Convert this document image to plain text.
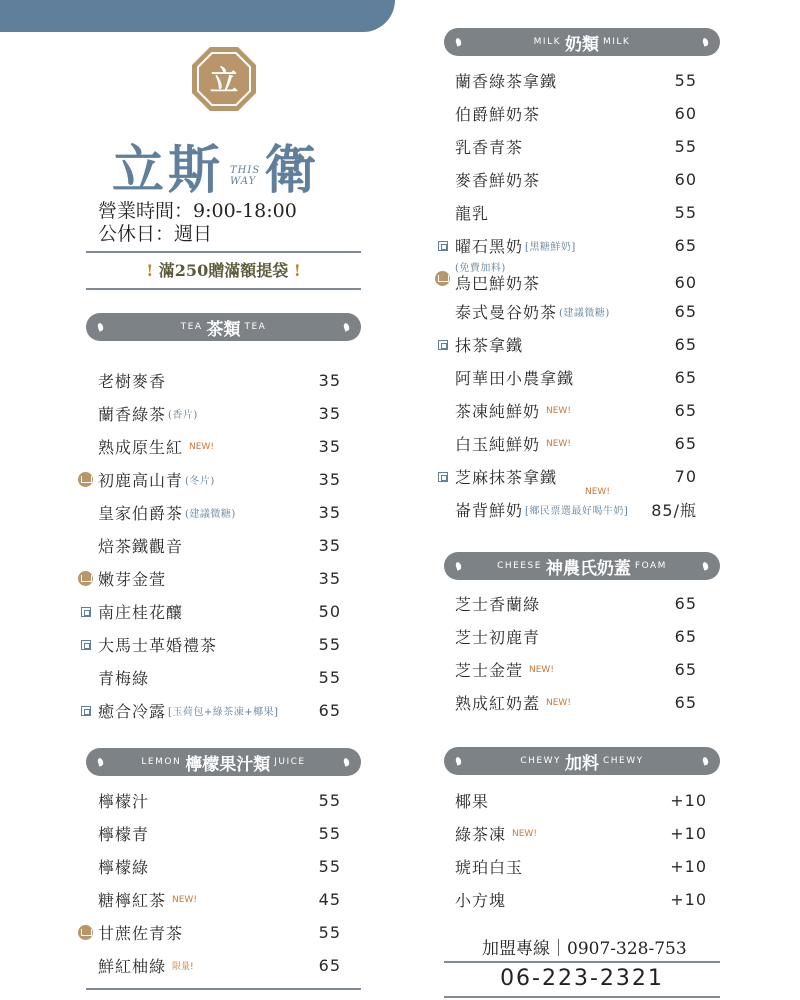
立
立斯 THIS
WAY 衛
營業時間：9:00-18:00
公休日：週日
! 滿250贈滿額提袋 !
TEA 茶類 TEA
老樹麥香	35
蘭香綠茶 (香片)	35
熟成原生紅 NEW!	35
初鹿高山青 (冬片)	35
皇家伯爵茶 (建議微糖)	35
焙茶鐵觀音	35
嫩芽金萱	35
南庄桂花釀	50
大馬士革婚禮茶	55
青梅綠	55
癒合冷露 [玉荷包+綠茶凍+椰果]	65
LEMON 檸檬果汁類 JUICE
檸檬汁	55
檸檬青	55
檸檬綠	55
糖檸紅茶 NEW!	45
甘蔗佐青茶	55
鮮紅柚綠 限量!	65
MILK 奶類 MILK
蘭香綠茶拿鐵	55
伯爵鮮奶茶	60
乳香青茶	55
麥香鮮奶茶	60
龍乳	55
曜石黑奶 [黑糖鮮奶]	65
(免費加料)
烏巴鮮奶茶	60
泰式曼谷奶茶 (建議微糖)	65
抹茶拿鐵	65
阿華田小農拿鐵	65
茶凍純鮮奶 NEW!	65
白玉純鮮奶 NEW!	65
芝麻抹茶拿鐵	70
NEW!
崙背鮮奶 [鄉民票選最好喝牛奶] 85/瓶
CHEESE 神農氏奶蓋 FOAM
芝士香蘭綠	65
芝士初鹿青	65
芝士金萱 NEW!	65
熟成紅奶蓋 NEW!	65
CHEWY 加料 CHEWY
椰果	+10
綠茶凍 NEW!	+10
琥珀白玉	+10
小方塊	+10
加盟專線｜0907-328-753
06-223-2321
